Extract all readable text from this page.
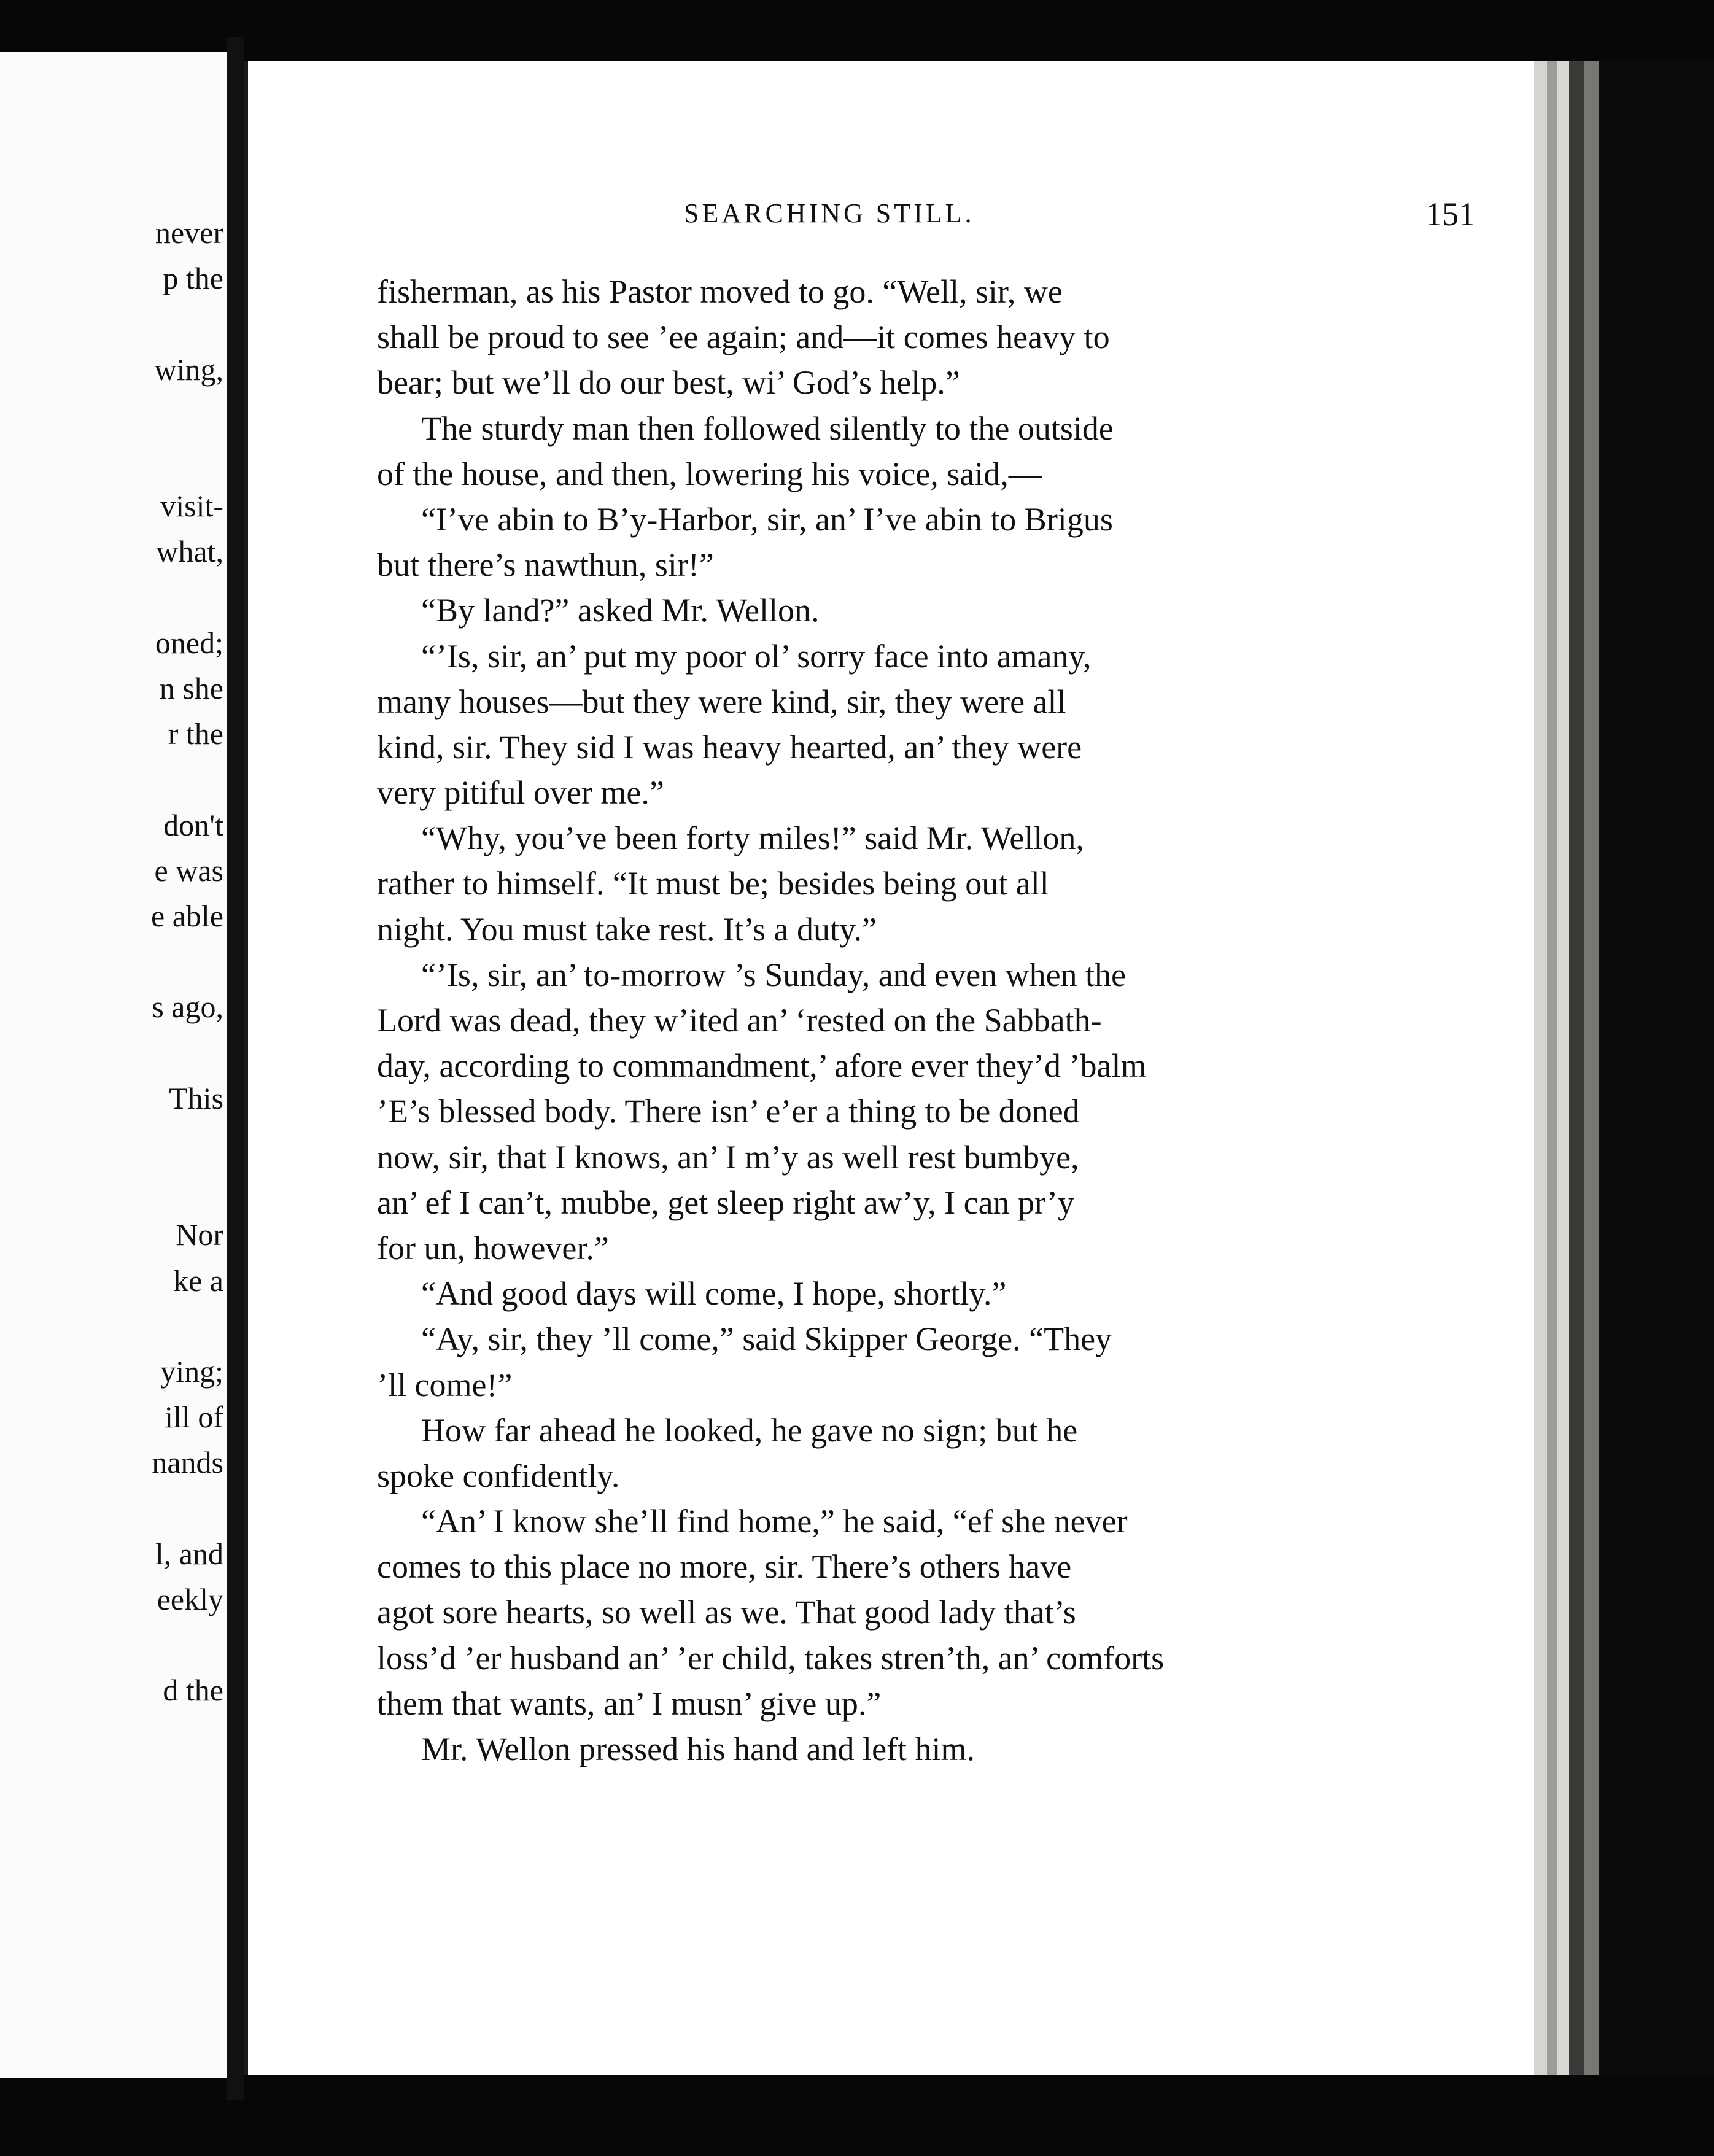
never

p the

wing,

visit-

what,

oned;

n she

r the

don't

e was

e able

s ago,

This

Nor

ke a

ying;

ill of

nands

l, and

eekly

d the

SEARCHING STILL.	151

fisherman, as his Pastor moved to go. “Well, sir, we
shall be proud to see ’ee again; and—it comes heavy to
bear; but we’ll do our best, wi’ God’s help.”
The sturdy man then followed silently to the outside
of the house, and then, lowering his voice, said,—
“I’ve abin to B’y-Harbor, sir, an’ I’ve abin to Brigus
but there’s nawthun, sir!”
“By land?” asked Mr. Wellon.
“’Is, sir, an’ put my poor ol’ sorry face into amany,
many houses—but they were kind, sir, they were all
kind, sir. They sid I was heavy hearted, an’ they were
very pitiful over me.”
“Why, you’ve been forty miles!” said Mr. Wellon,
rather to himself. “It must be; besides being out all
night. You must take rest. It’s a duty.”
“’Is, sir, an’ to-morrow ’s Sunday, and even when the
Lord was dead, they w’ited an’ ‘rested on the Sabbath-
day, according to commandment,’ afore ever they’d ’balm
’E’s blessed body. There isn’ e’er a thing to be doned
now, sir, that I knows, an’ I m’y as well rest bumbye,
an’ ef I can’t, mubbe, get sleep right aw’y, I can pr’y
for un, however.”
“And good days will come, I hope, shortly.”
“Ay, sir, they ’ll come,” said Skipper George. “They
’ll come!”
How far ahead he looked, he gave no sign; but he
spoke confidently.
“An’ I know she’ll find home,” he said, “ef she never
comes to this place no more, sir. There’s others have
agot sore hearts, so well as we. That good lady that’s
loss’d ’er husband an’ ’er child, takes stren’th, an’ comforts
them that wants, an’ I musn’ give up.”
Mr. Wellon pressed his hand and left him.
